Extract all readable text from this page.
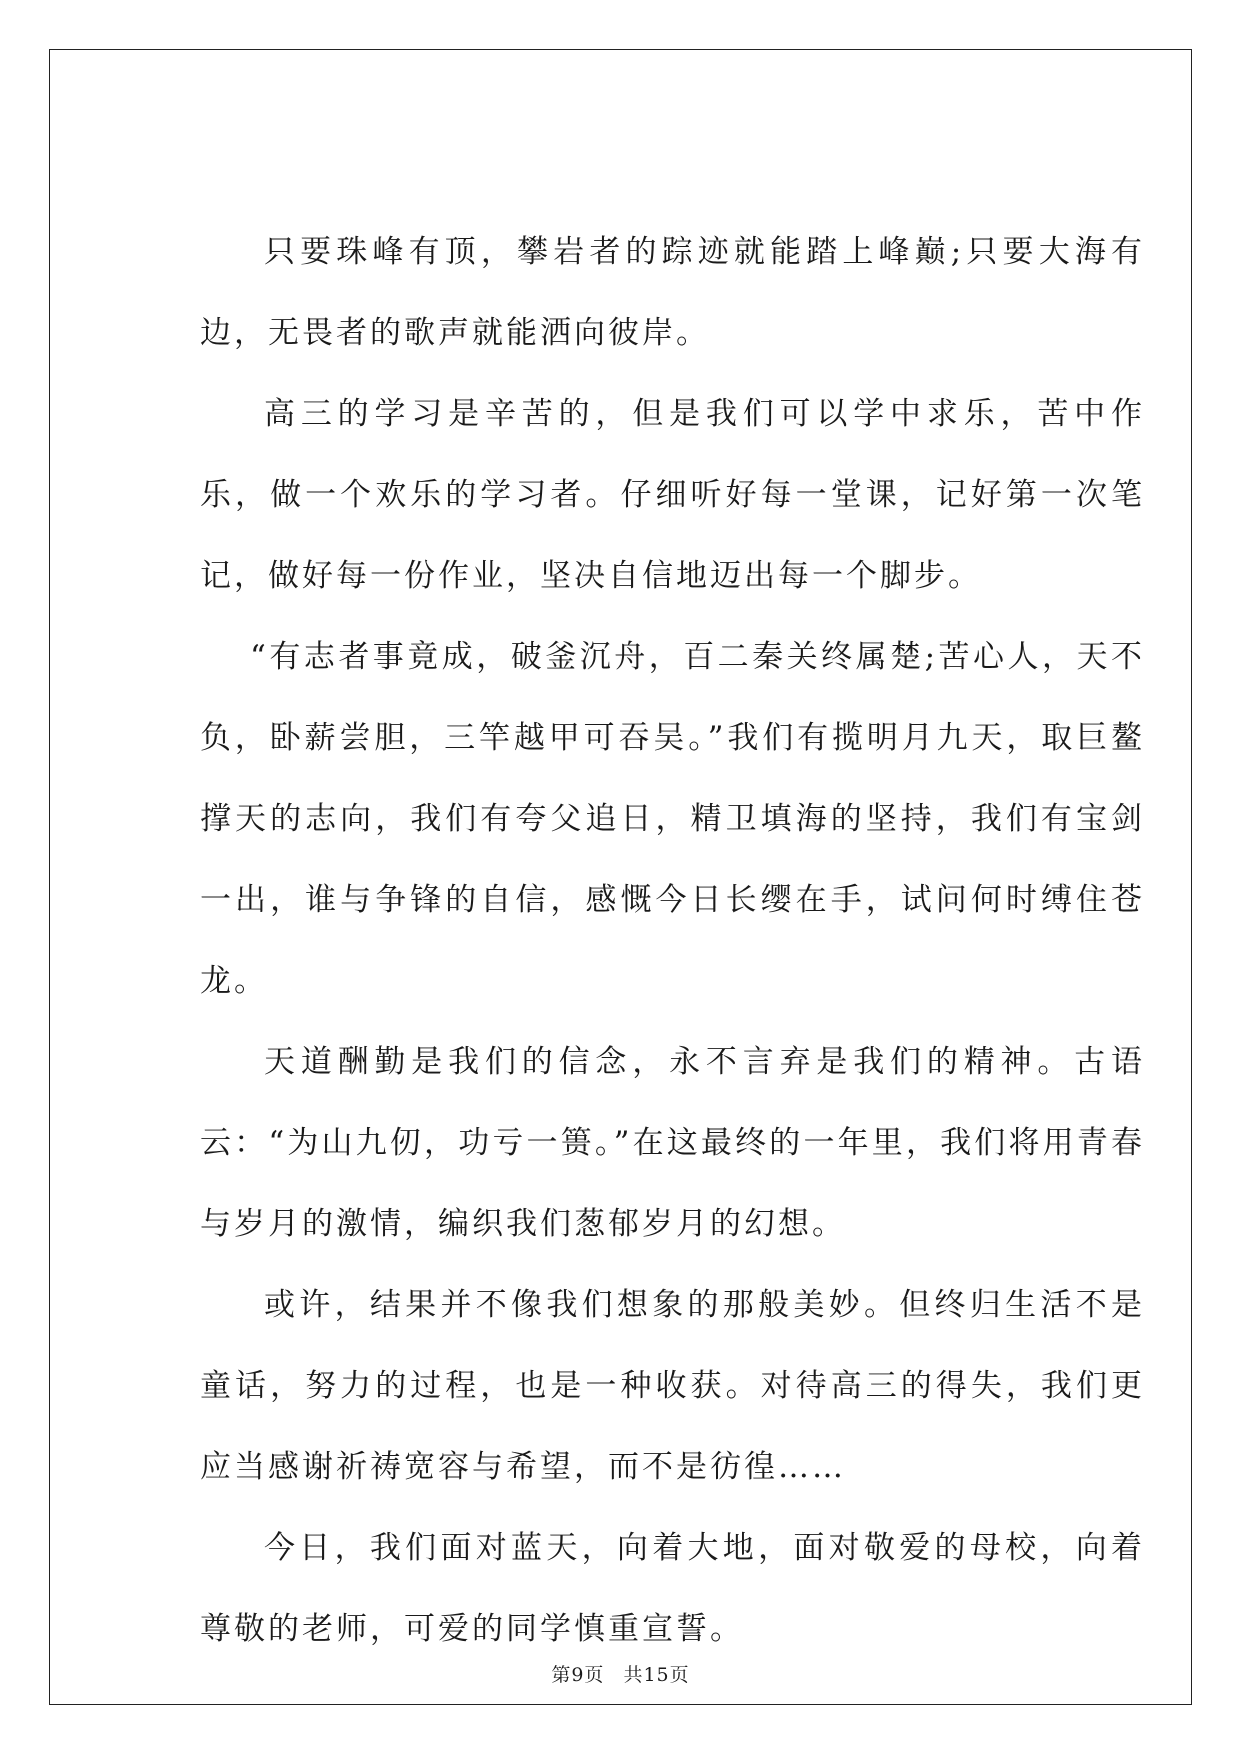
只要珠峰有顶，攀岩者的踪迹就能踏上峰巅;只要大海有边，无畏者的歌声就能洒向彼岸。

高三的学习是辛苦的，但是我们可以学中求乐，苦中作乐，做一个欢乐的学习者。仔细听好每一堂课，记好第一次笔记，做好每一份作业，坚决自信地迈出每一个脚步。

“有志者事竟成，破釜沉舟，百二秦关终属楚;苦心人，天不负，卧薪尝胆，三竿越甲可吞吴。”我们有揽明月九天，取巨鳌撑天的志向，我们有夸父追日，精卫填海的坚持，我们有宝剑一出，谁与争锋的自信，感慨今日长缨在手，试问何时缚住苍龙。

天道酬勤是我们的信念，永不言弃是我们的精神。古语云：“为山九仞，功亏一篑。”在这最终的一年里，我们将用青春与岁月的激情，编织我们葱郁岁月的幻想。

或许，结果并不像我们想象的那般美妙。但终归生活不是童话，努力的过程，也是一种收获。对待高三的得失，我们更应当感谢祈祷宽容与希望，而不是彷徨……

今日，我们面对蓝天，向着大地，面对敬爱的母校，向着尊敬的老师，可爱的同学慎重宣誓。

第9页 共15页
